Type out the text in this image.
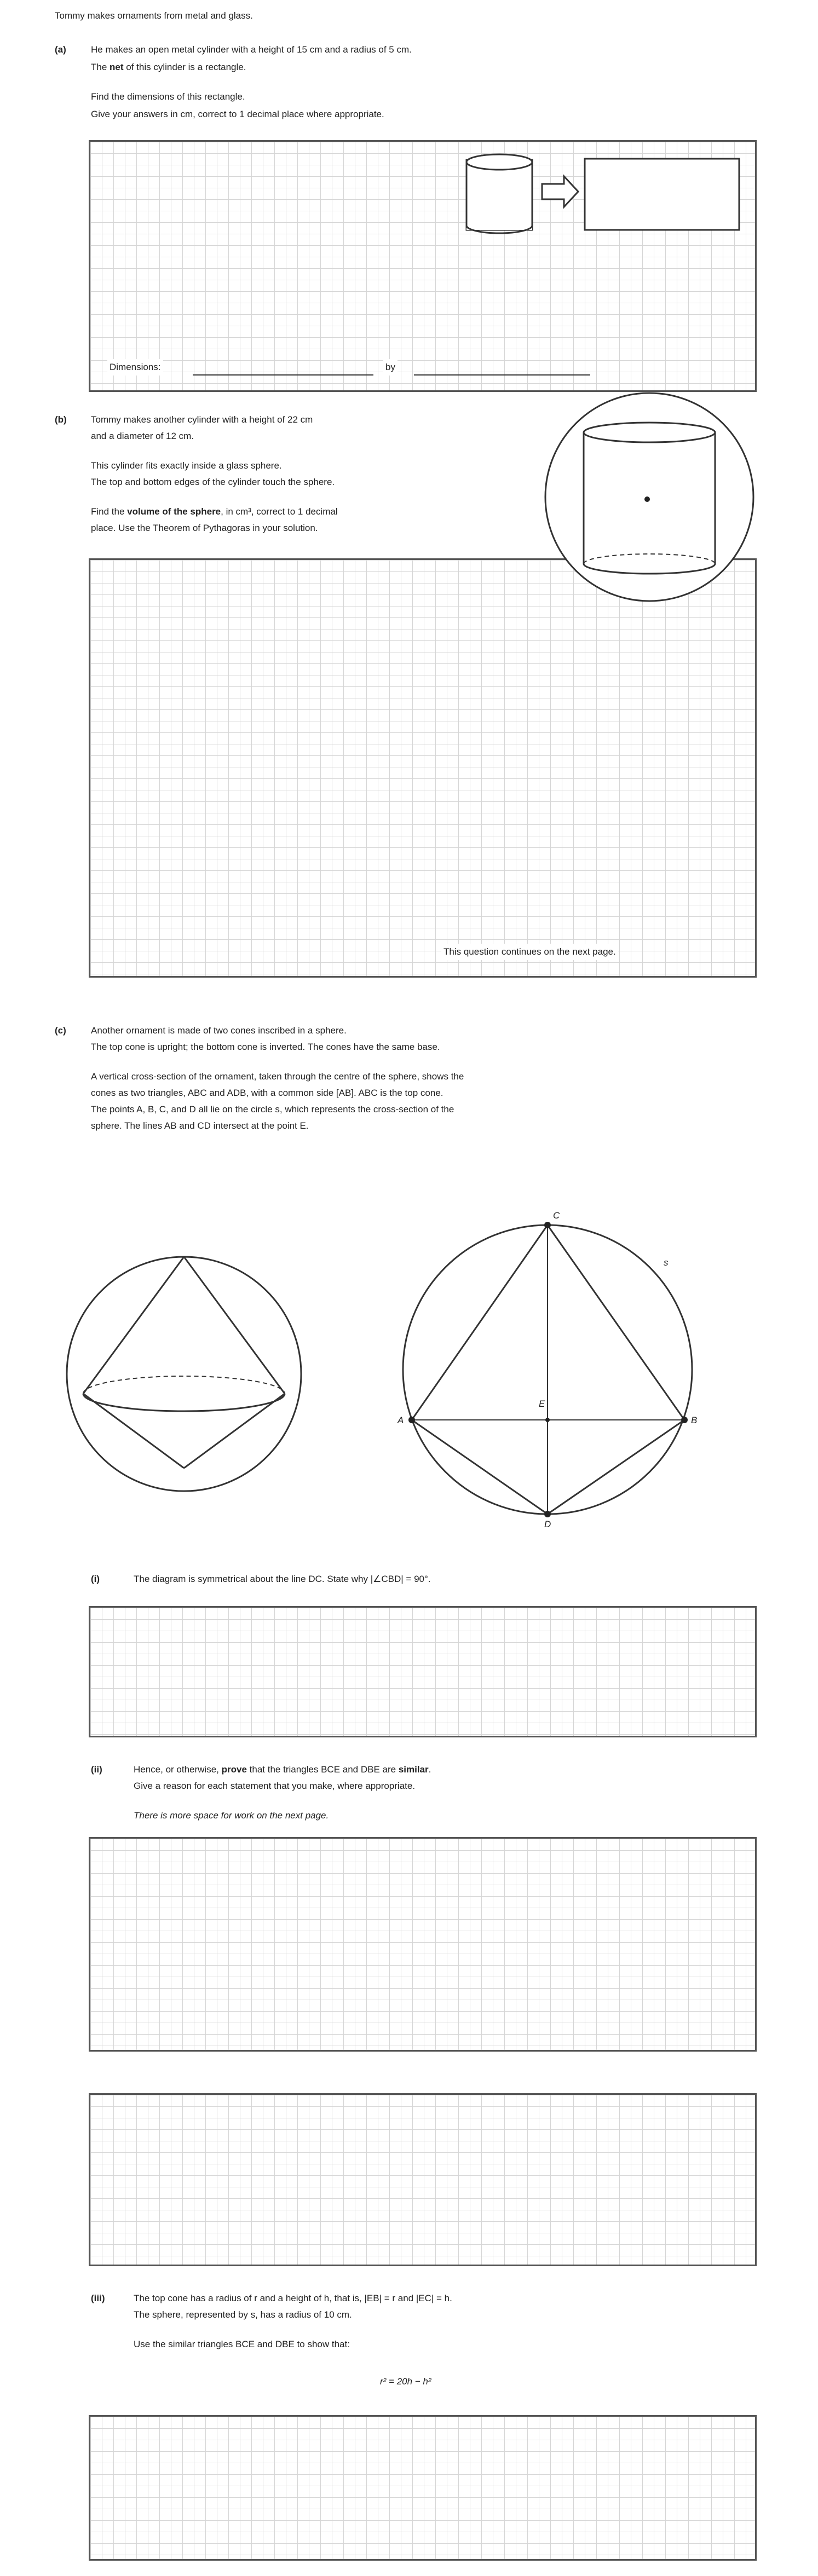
Tommy makes ornaments from metal and glass.
(a)	He makes an open metal cylinder with a height of 15 cm and a radius of 5 cm.
The net of this cylinder is a rectangle.
Find the dimensions of this rectangle.
Give your answers in cm, correct to 1 decimal place where appropriate.
Dimensions:	by
(b)	Tommy makes another cylinder with a height of 22 cm
and a diameter of 12 cm.
This cylinder fits exactly inside a glass sphere.
The top and bottom edges of the cylinder touch the sphere.
Find the volume of the sphere, in cm³, correct to 1 decimal
place. Use the Theorem of Pythagoras in your solution.
This question continues on the next page.
(c)	Another ornament is made of two cones inscribed in a sphere.
The top cone is upright; the bottom cone is inverted. The cones have the same base.
A vertical cross-section of the ornament, taken through the centre of the sphere, shows the
cones as two triangles, ABC and ADB, with a common side [AB]. ABC is the top cone.
The points A, B, C, and D all lie on the circle s, which represents the cross-section of the
sphere. The lines AB and CD intersect at the point E.
C
A	B
D
E
s
(i)	The diagram is symmetrical about the line DC. State why |∠CBD| = 90°.
(ii)	Hence, or otherwise, prove that the triangles BCE and DBE are similar.
Give a reason for each statement that you make, where appropriate.
There is more space for work on the next page.
(iii)	The top cone has a radius of r and a height of h, that is, |EB| = r and |EC| = h.
The sphere, represented by s, has a radius of 10 cm.
Use the similar triangles BCE and DBE to show that:
r² = 20h − h²
